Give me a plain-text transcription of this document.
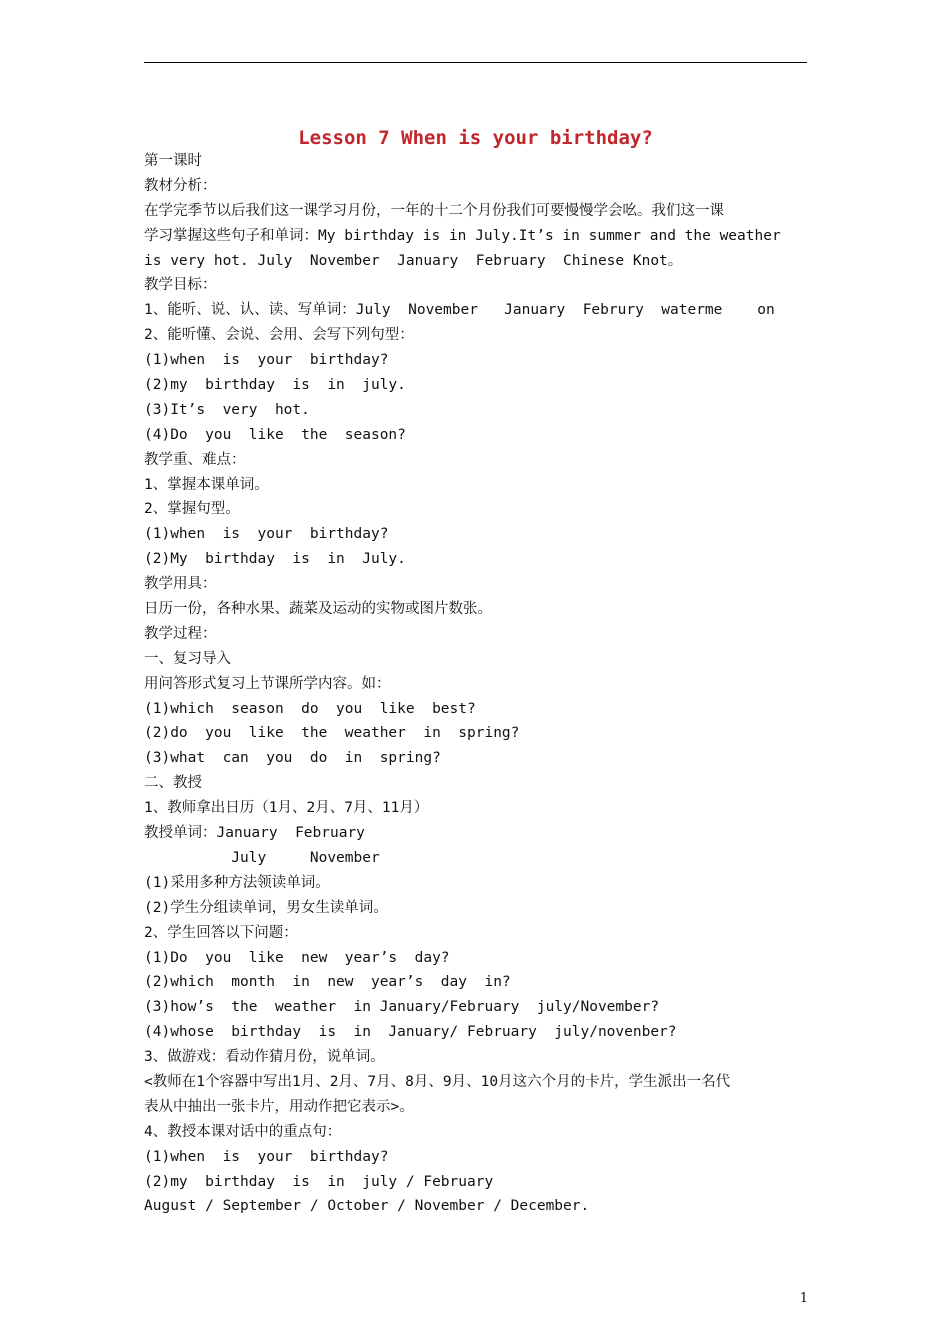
Lesson 7 When is your birthday?
第一课时
教材分析：
在学完季节以后我们这一课学习月份，一年的十二个月份我们可要慢慢学会吆。我们这一课
学习掌握这些句子和单词：My birthday is in July.It’s in summer and the weather
is very hot. July  November  January  February  Chinese Knot。
教学目标：
1、能听、说、认、读、写单词：July  November   January  Februry  waterme    on
2、能听懂、会说、会用、会写下列句型：
(1)when  is  your  birthday?
(2)my  birthday  is  in  july.
(3)It’s  very  hot.
(4)Do  you  like  the  season?
教学重、难点：
1、掌握本课单词。
2、掌握句型。
(1)when  is  your  birthday?
(2)My  birthday  is  in  July.
教学用具：
日历一份，各种水果、蔬菜及运动的实物或图片数张。
教学过程：
一、复习导入
用问答形式复习上节课所学内容。如：
(1)which  season  do  you  like  best?
(2)do  you  like  the  weather  in  spring?
(3)what  can  you  do  in  spring?
二、教授
1、教师拿出日历（1月、2月、7月、11月）
教授单词：January  February
July     November
(1)采用多种方法领读单词。
(2)学生分组读单词，男女生读单词。
2、学生回答以下问题：
(1)Do  you  like  new  year’s  day?
(2)which  month  in  new  year’s  day  in?
(3)how’s  the  weather  in January/February  july/November?
(4)whose  birthday  is  in  January/ February  july/novenber?
3、做游戏：看动作猜月份，说单词。
<教师在1个容器中写出1月、2月、7月、8月、9月、10月这六个月的卡片，学生派出一名代
表从中抽出一张卡片，用动作把它表示>。
4、教授本课对话中的重点句：
(1)when  is  your  birthday?
(2)my  birthday  is  in  july / February
August / September / October / November / December.
1
